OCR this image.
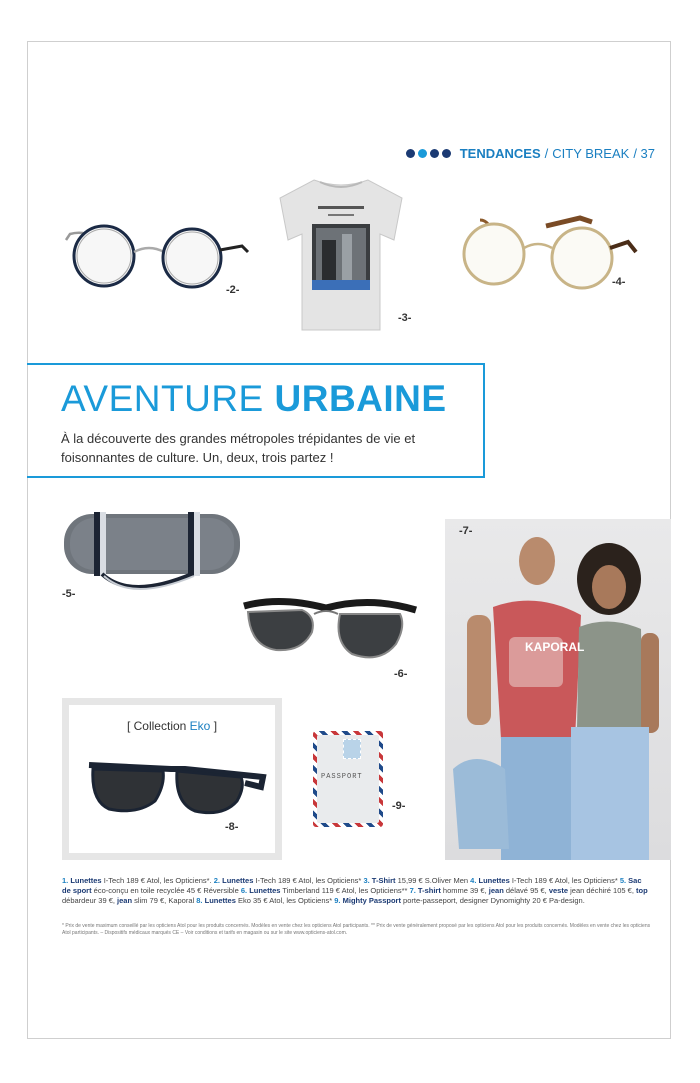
TENDANCES / CITY BREAK / 37
-2-
-3-
-4-
AVENTURE URBAINE
À la découverte des grandes métropoles trépidantes de vie et foisonnantes de culture. Un, deux, trois partez !
-5-
-6-
-7-
KAPORAL
[ Collection Eko ]
-8-
PASSPORT
-9-
1. Lunettes I-Tech 189 € Atol, les Opticiens*. 2. Lunettes I-Tech 189 € Atol, les Opticiens* 3. T-Shirt 15,99 € S.Oliver Men 4. Lunettes I-Tech 189 € Atol, les Opticiens* 5. Sac de sport éco-conçu en toile recyclée 45 € Réversible 6. Lunettes Timberland 119 € Atol, les Opticiens** 7. T-shirt homme 39 €, jean délavé 95 €, veste jean déchiré 105 €, top débardeur 39 €, jean slim 79 €, Kaporal 8. Lunettes Eko 35 € Atol, les Opticiens* 9. Mighty Passport porte-passeport, designer Dynomighty 20 € Pa-design.
* Prix de vente maximum conseillé par les opticiens Atol pour les produits concernés. Modèles en vente chez les opticiens Atol participants. ** Prix de vente généralement proposé par les opticiens Atol pour les produits concernés. Modèles en vente chez les opticiens Atol participants. – Dispositifs médicaux marqués CE – Voir conditions et tarifs en magasin ou sur le site www.opticiens-atol.com.
